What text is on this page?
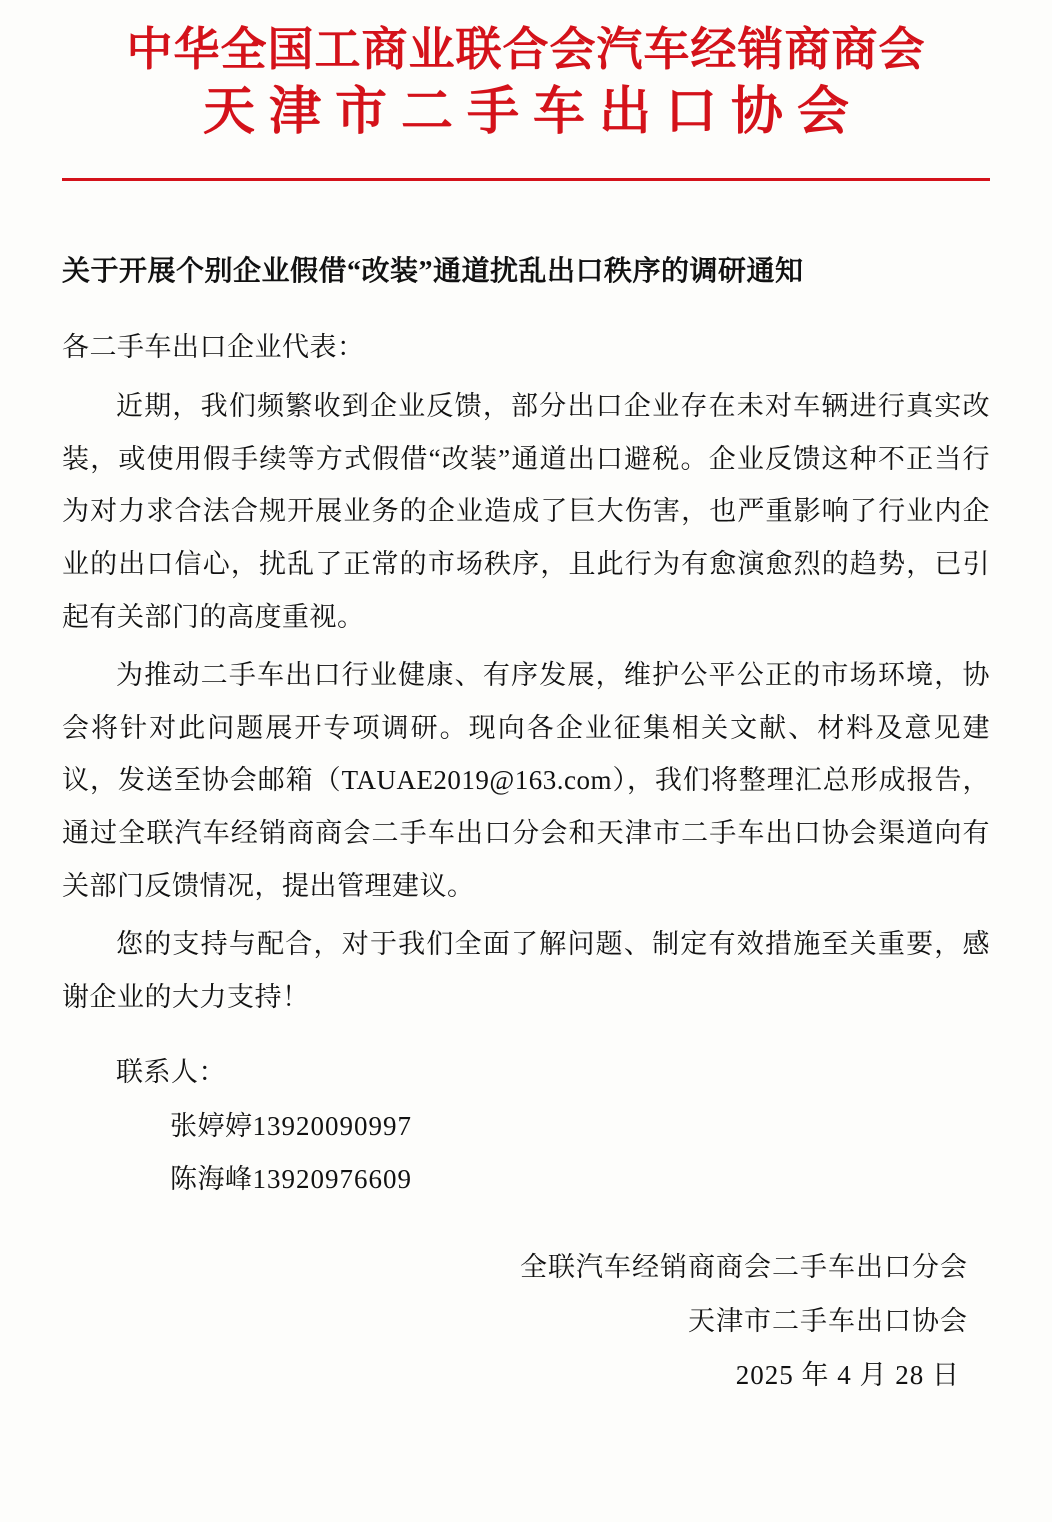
中华全国工商业联合会汽车经销商商会
天津市二手车出口协会
关于开展个别企业假借“改装”通道扰乱出口秩序的调研通知
各二手车出口企业代表：

近期，我们频繁收到企业反馈，部分出口企业存在未对车辆进行真实改装，或使用假手续等方式假借“改装”通道出口避税。企业反馈这种不正当行为对力求合法合规开展业务的企业造成了巨大伤害，也严重影响了行业内企业的出口信心，扰乱了正常的市场秩序，且此行为有愈演愈烈的趋势，已引起有关部门的高度重视。

为推动二手车出口行业健康、有序发展，维护公平公正的市场环境，协会将针对此问题展开专项调研。现向各企业征集相关文献、材料及意见建议，发送至协会邮箱（TAUAE2019@163.com），我们将整理汇总形成报告，通过全联汽车经销商商会二手车出口分会和天津市二手车出口协会渠道向有关部门反馈情况，提出管理建议。

您的支持与配合，对于我们全面了解问题、制定有效措施至关重要，感谢企业的大力支持！

联系人：
张婷婷13920090997
陈海峰13920976609
全联汽车经销商商会二手车出口分会
天津市二手车出口协会
2025 年 4 月 28 日
